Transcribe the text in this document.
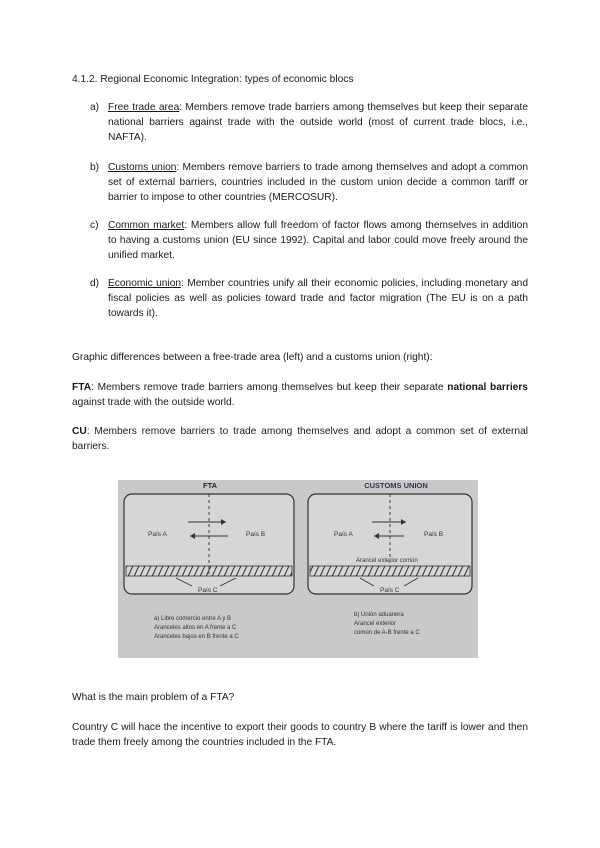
4.1.2. Regional Economic Integration: types of economic blocs

a) Free trade area: Members remove trade barriers among themselves but keep their separate national barriers against trade with the outside world (most of current trade blocs, i.e., NAFTA).
b) Customs union: Members remove barriers to trade among themselves and adopt a common set of external barriers, countries included in the custom union decide a common tariff or barrier to impose to other countries (MERCOSUR).
c) Common market: Members allow full freedom of factor flows among themselves in addition to having a customs union (EU since 1992). Capital and labor could move freely around the unified market.
d) Economic union: Member countries unify all their economic policies, including monetary and fiscal policies as well as policies toward trade and factor migration (The EU is on a path towards it).

Graphic differences between a free-trade area (left) and a customs union (right):

FTA: Members remove trade barriers among themselves but keep their separate national barriers against trade with the outside world.

CU: Members remove barriers to trade among themselves and adopt a common set of external barriers.

FTA	CUSTOMS UNION
País A	País B
País C
País A	País B
Arancel exterior común
País C
a) Libre comercio entre A y B
Aranceles altos en A frente a C
Aranceles bajos en B frente a C
b) Unión aduanera
Arancel exterior
común de A-B frente a C

What is the main problem of a FTA?

Country C will hace the incentive to export their goods to country B where the tariff is lower and then trade them freely among the countries included in the FTA.
